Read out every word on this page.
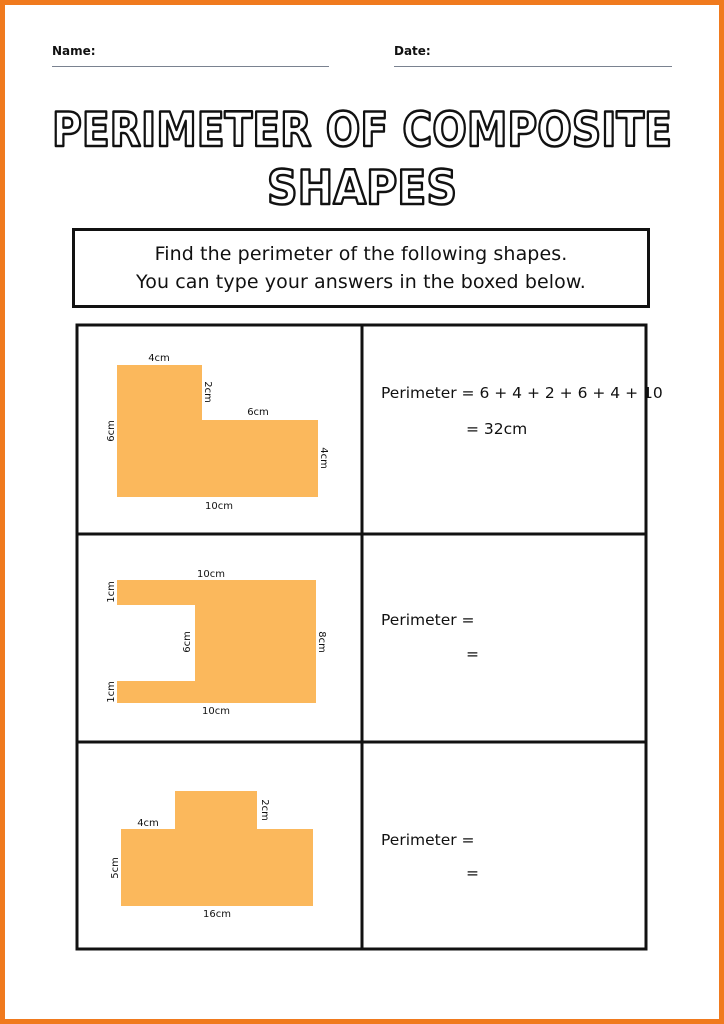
Name:	Date:
PERIMETER OF COMPOSITE
SHAPES
Find the perimeter of the following shapes.
You can type your answers in the boxed below.
4cm
2cm
6cm
4cm
6cm
10cm
10cm
1cm
6cm	8cm
1cm
10cm
4cm
2cm
5cm
16cm
Perimeter = 6 + 4 + 2 + 6 + 4 + 10
= 32cm
Perimeter =
=
Perimeter =
=
